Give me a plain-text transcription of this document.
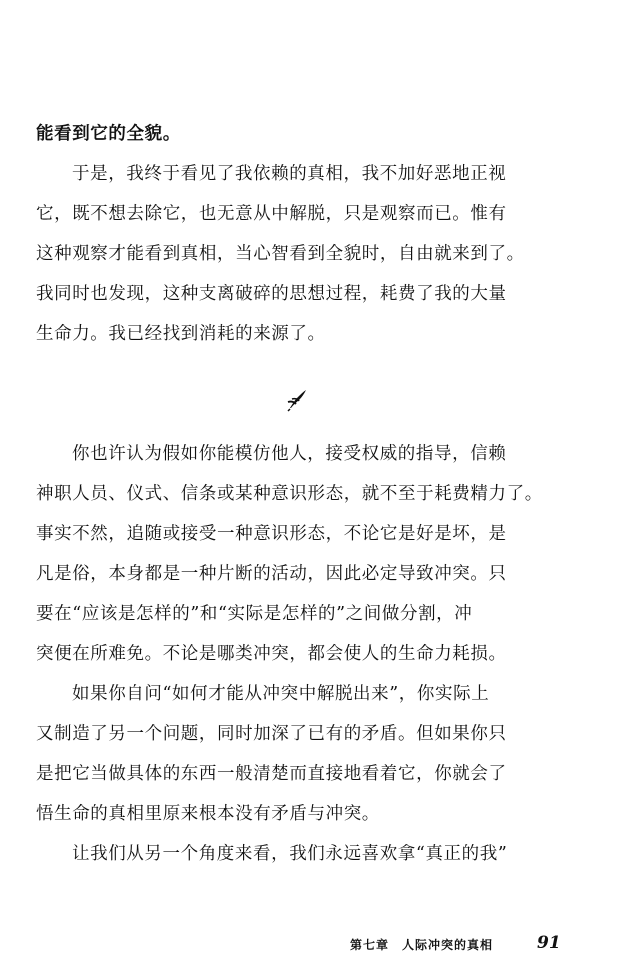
能看到它的全貌。
于是，我终于看见了我依赖的真相，我不加好恶地正视
它，既不想去除它，也无意从中解脱，只是观察而已。惟有
这种观察才能看到真相，当心智看到全貌时，自由就来到了。
我同时也发现，这种支离破碎的思想过程，耗费了我的大量
生命力。我已经找到消耗的来源了。
你也许认为假如你能模仿他人，接受权威的指导，信赖
神职人员、仪式、信条或某种意识形态，就不至于耗费精力了。
事实不然，追随或接受一种意识形态，不论它是好是坏，是
凡是俗，本身都是一种片断的活动，因此必定导致冲突。只
要在“应该是怎样的”和“实际是怎样的”之间做分割，冲
突便在所难免。不论是哪类冲突，都会使人的生命力耗损。
如果你自问“如何才能从冲突中解脱出来”，你实际上
又制造了另一个问题，同时加深了已有的矛盾。但如果你只
是把它当做具体的东西一般清楚而直接地看着它，你就会了
悟生命的真相里原来根本没有矛盾与冲突。
让我们从另一个角度来看，我们永远喜欢拿“真正的我”
第七章　人际冲突的真相	91
